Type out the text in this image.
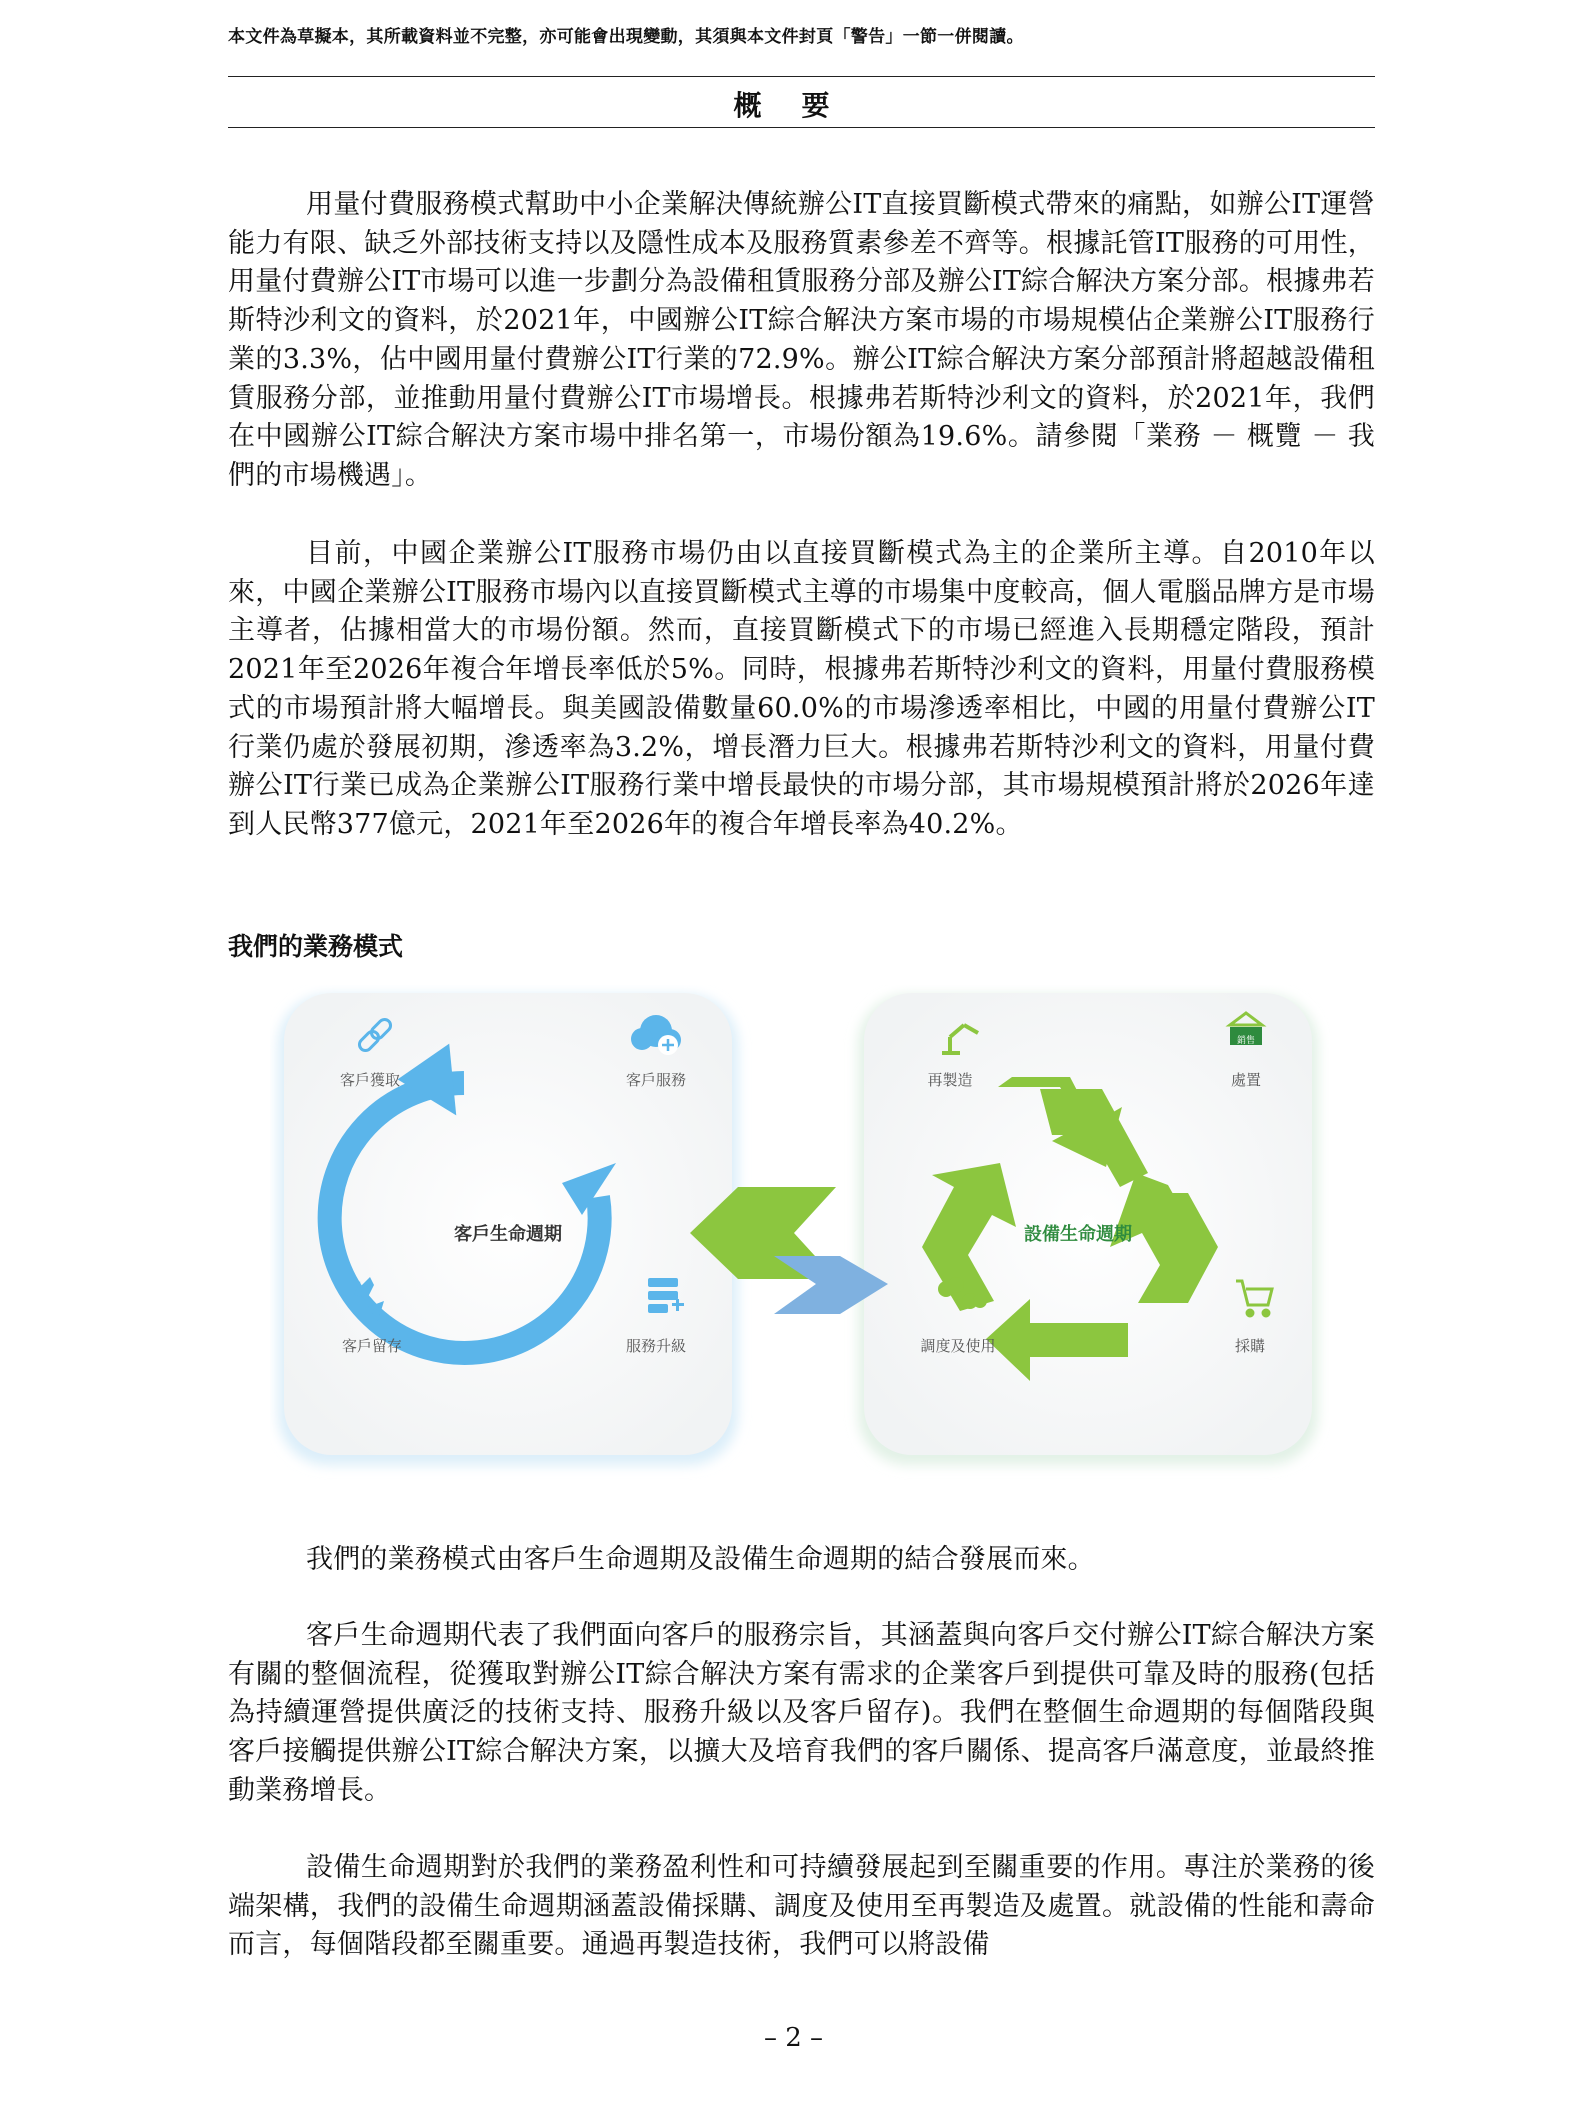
本文件為草擬本，其所載資料並不完整，亦可能會出現變動，其須與本文件封頁「警告」一節一併閱讀。
概要
用量付費服務模式幫助中小企業解決傳統辦公IT直接買斷模式帶來的痛點，如辦公IT運營能力有限、缺乏外部技術支持以及隱性成本及服務質素參差不齊等。根據託管IT服務的可用性，用量付費辦公IT市場可以進一步劃分為設備租賃服務分部及辦公IT綜合解決方案分部。根據弗若斯特沙利文的資料，於2021年，中國辦公IT綜合解決方案市場的市場規模佔企業辦公IT服務行業的3.3%，佔中國用量付費辦公IT行業的72.9%。辦公IT綜合解決方案分部預計將超越設備租賃服務分部，並推動用量付費辦公IT市場增長。根據弗若斯特沙利文的資料，於2021年，我們在中國辦公IT綜合解決方案市場中排名第一，市場份額為19.6%。請參閱「業務 － 概覽 － 我們的市場機遇」。
目前，中國企業辦公IT服務市場仍由以直接買斷模式為主的企業所主導。自2010年以來，中國企業辦公IT服務市場內以直接買斷模式主導的市場集中度較高，個人電腦品牌方是市場主導者，佔據相當大的市場份額。然而，直接買斷模式下的市場已經進入長期穩定階段，預計2021年至2026年複合年增長率低於5%。同時，根據弗若斯特沙利文的資料，用量付費服務模式的市場預計將大幅增長。與美國設備數量60.0%的市場滲透率相比，中國的用量付費辦公IT行業仍處於發展初期，滲透率為3.2%，增長潛力巨大。根據弗若斯特沙利文的資料，用量付費辦公IT行業已成為企業辦公IT服務行業中增長最快的市場分部，其市場規模預計將於2026年達到人民幣377億元，2021年至2026年的複合年增長率為40.2%。
我們的業務模式
客戶獲取	客戶服務
客戶生命週期
客戶留存	服務升級
再製造
銷售
處置
設備生命週期
調度及使用	採購
我們的業務模式由客戶生命週期及設備生命週期的結合發展而來。
客戶生命週期代表了我們面向客戶的服務宗旨，其涵蓋與向客戶交付辦公IT綜合解決方案有關的整個流程，從獲取對辦公IT綜合解決方案有需求的企業客戶到提供可靠及時的服務(包括為持續運營提供廣泛的技術支持、服務升級以及客戶留存)。我們在整個生命週期的每個階段與客戶接觸提供辦公IT綜合解決方案，以擴大及培育我們的客戶關係、提高客戶滿意度，並最終推動業務增長。
設備生命週期對於我們的業務盈利性和可持續發展起到至關重要的作用。專注於業務的後端架構，我們的設備生命週期涵蓋設備採購、調度及使用至再製造及處置。就設備的性能和壽命而言，每個階段都至關重要。通過再製造技術，我們可以將設備
– 2 –
